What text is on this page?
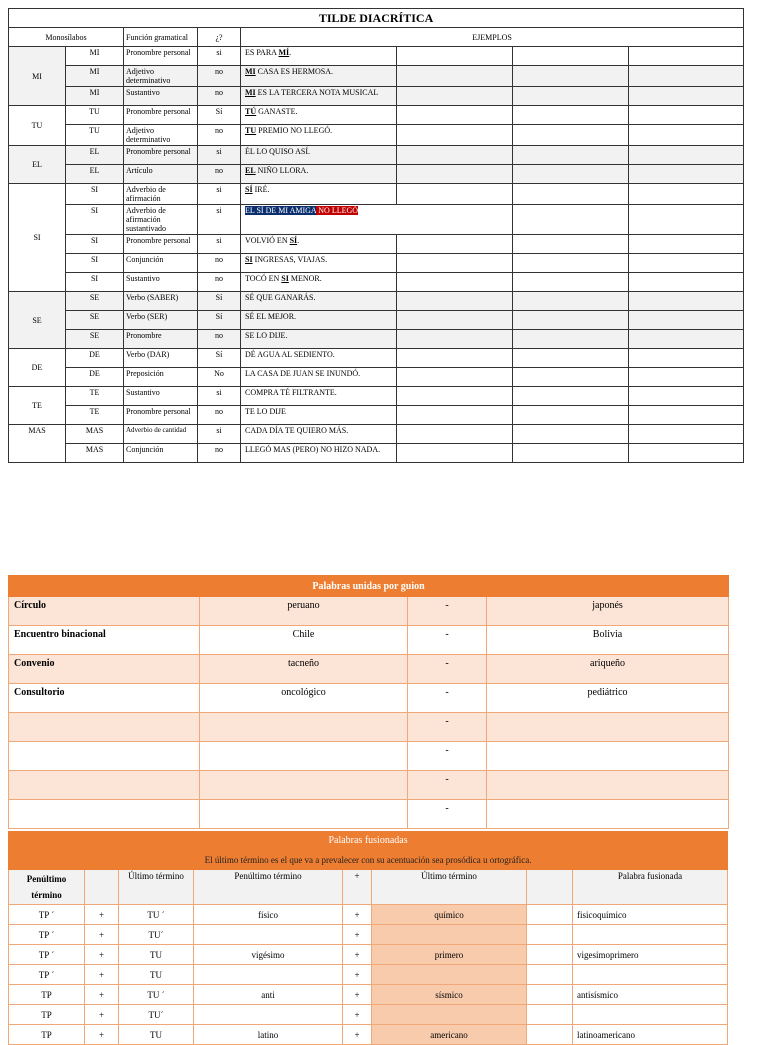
TILDE DIACRÍTICA							
Monosílabos		Función gramatical	¿?	EJEMPLOS			
MI	MI	Pronombre personal	si	ES PARA MÍ.			
	MI	Adjetivo determinativo	no	MI CASA ES HERMOSA.			
	MI	Sustantivo	no	MI ES LA TERCERA NOTA MUSICAL			
TU	TU	Pronombre personal	Sí	TÚ GANASTE.			
	TU	Adjetivo determinativo	no	TU PREMIO NO LLEGÓ.			
EL	EL	Pronombre personal	si	ÉL LO QUISO ASÍ.			
	EL	Artículo	no	EL NIÑO LLORA.			
SI	SI	Adverbio de afirmación	si	SÍ IRÉ.			
	SI	Adverbio de afirmación sustantivado	si	EL SÍ DE MI AMIGA NO LLEGÓ			
	SI	Pronombre personal	si	VOLVIÓ EN SÍ.			
	SI	Conjunción	no	SI INGRESAS, VIAJAS.			
	SI	Sustantivo	no	TOCÓ EN SI MENOR.			
SE	SE	Verbo (SABER)	Sí	SÉ QUE GANARÁS.			
	SE	Verbo (SER)	Sí	SÉ EL MEJOR.			
	SE	Pronombre	no	SE LO DIJE.			
DE	DE	Verbo (DAR)	Sí	DÉ AGUA AL SEDIENTO.			
	DE	Preposición	No	LA CASA DE JUAN SE INUNDÓ.			
TE	TE	Sustantivo	si	COMPRA TÉ FILTRANTE.			
	TE	Pronombre personal	no	TE LO DIJE			
MAS	MAS	Adverbio de cantidad	si	CADA DÍA TE QUIERO MÁS.			
	MAS	Conjunción	no	LLEGÓ MAS (PERO) NO HIZO NADA.			
Palabras unidas por guion			
Círculo	peruano	-	japonés
Encuentro binacional	Chile	-	Bolivia
Convenio	tacneño	-	ariqueño
Consultorio	oncológico	-	pediátrico
		-	
		-	
		-	
		-	
Palabras fusionadas							
El último término es el que va a prevalecer con su acentuación sea prosódica u ortográfica.							
Penúltimo término		Último término	Penúltimo término	+	Último término		Palabra fusionada
TP ´	+	TU ´	físico	+	químico		fisicoquímico
TP ´	+	TU´		+			
TP ´	+	TU	vigésimo	+	primero		vigesimoprimero
TP ´	+	TU		+			
TP	+	TU ´	anti	+	sísmico		antisísmico
TP	+	TU´		+			
TP	+	TU	latino	+	americano		latinoamericano
